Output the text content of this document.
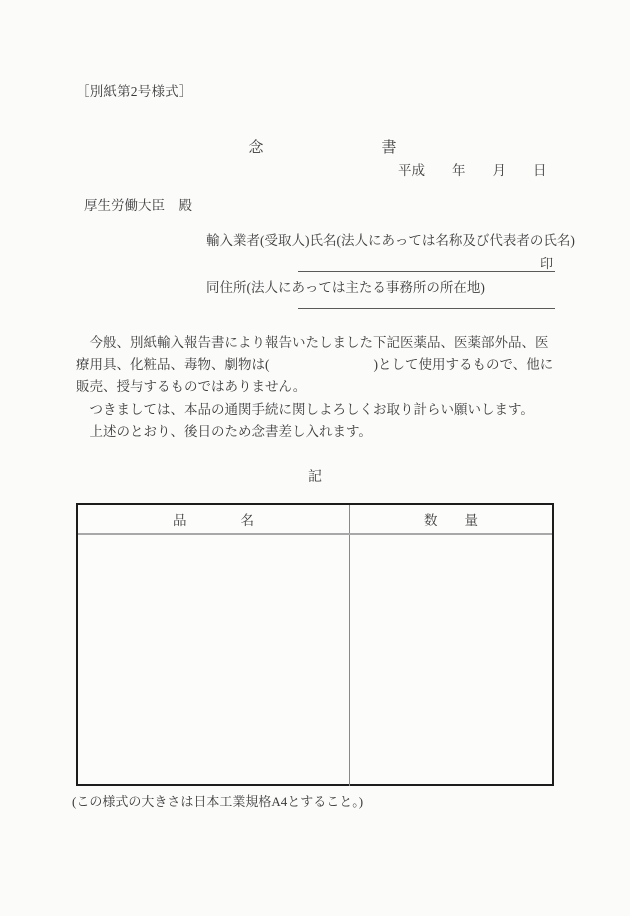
［別紙第2号様式］

念	書

平成　　年　　月　　日
厚生労働大臣　殿
輸入業者(受取人)氏名(法人にあっては名称及び代表者の氏名)
印
同住所(法人にあっては主たる事務所の所在地)

今般、別紙輸入報告書により報告いたしました下記医薬品、医薬部外品、医療用具、化粧品、毒物、劇物は(	)として使用するもので、他に販売、授与するものではありません。

つきましては、本品の通関手続に関しよろしくお取り計らい願いします。

上述のとおり、後日のため念書差し入れます。

記
品　　　　名	数　　量
(この様式の大きさは日本工業規格A4とすること。)
